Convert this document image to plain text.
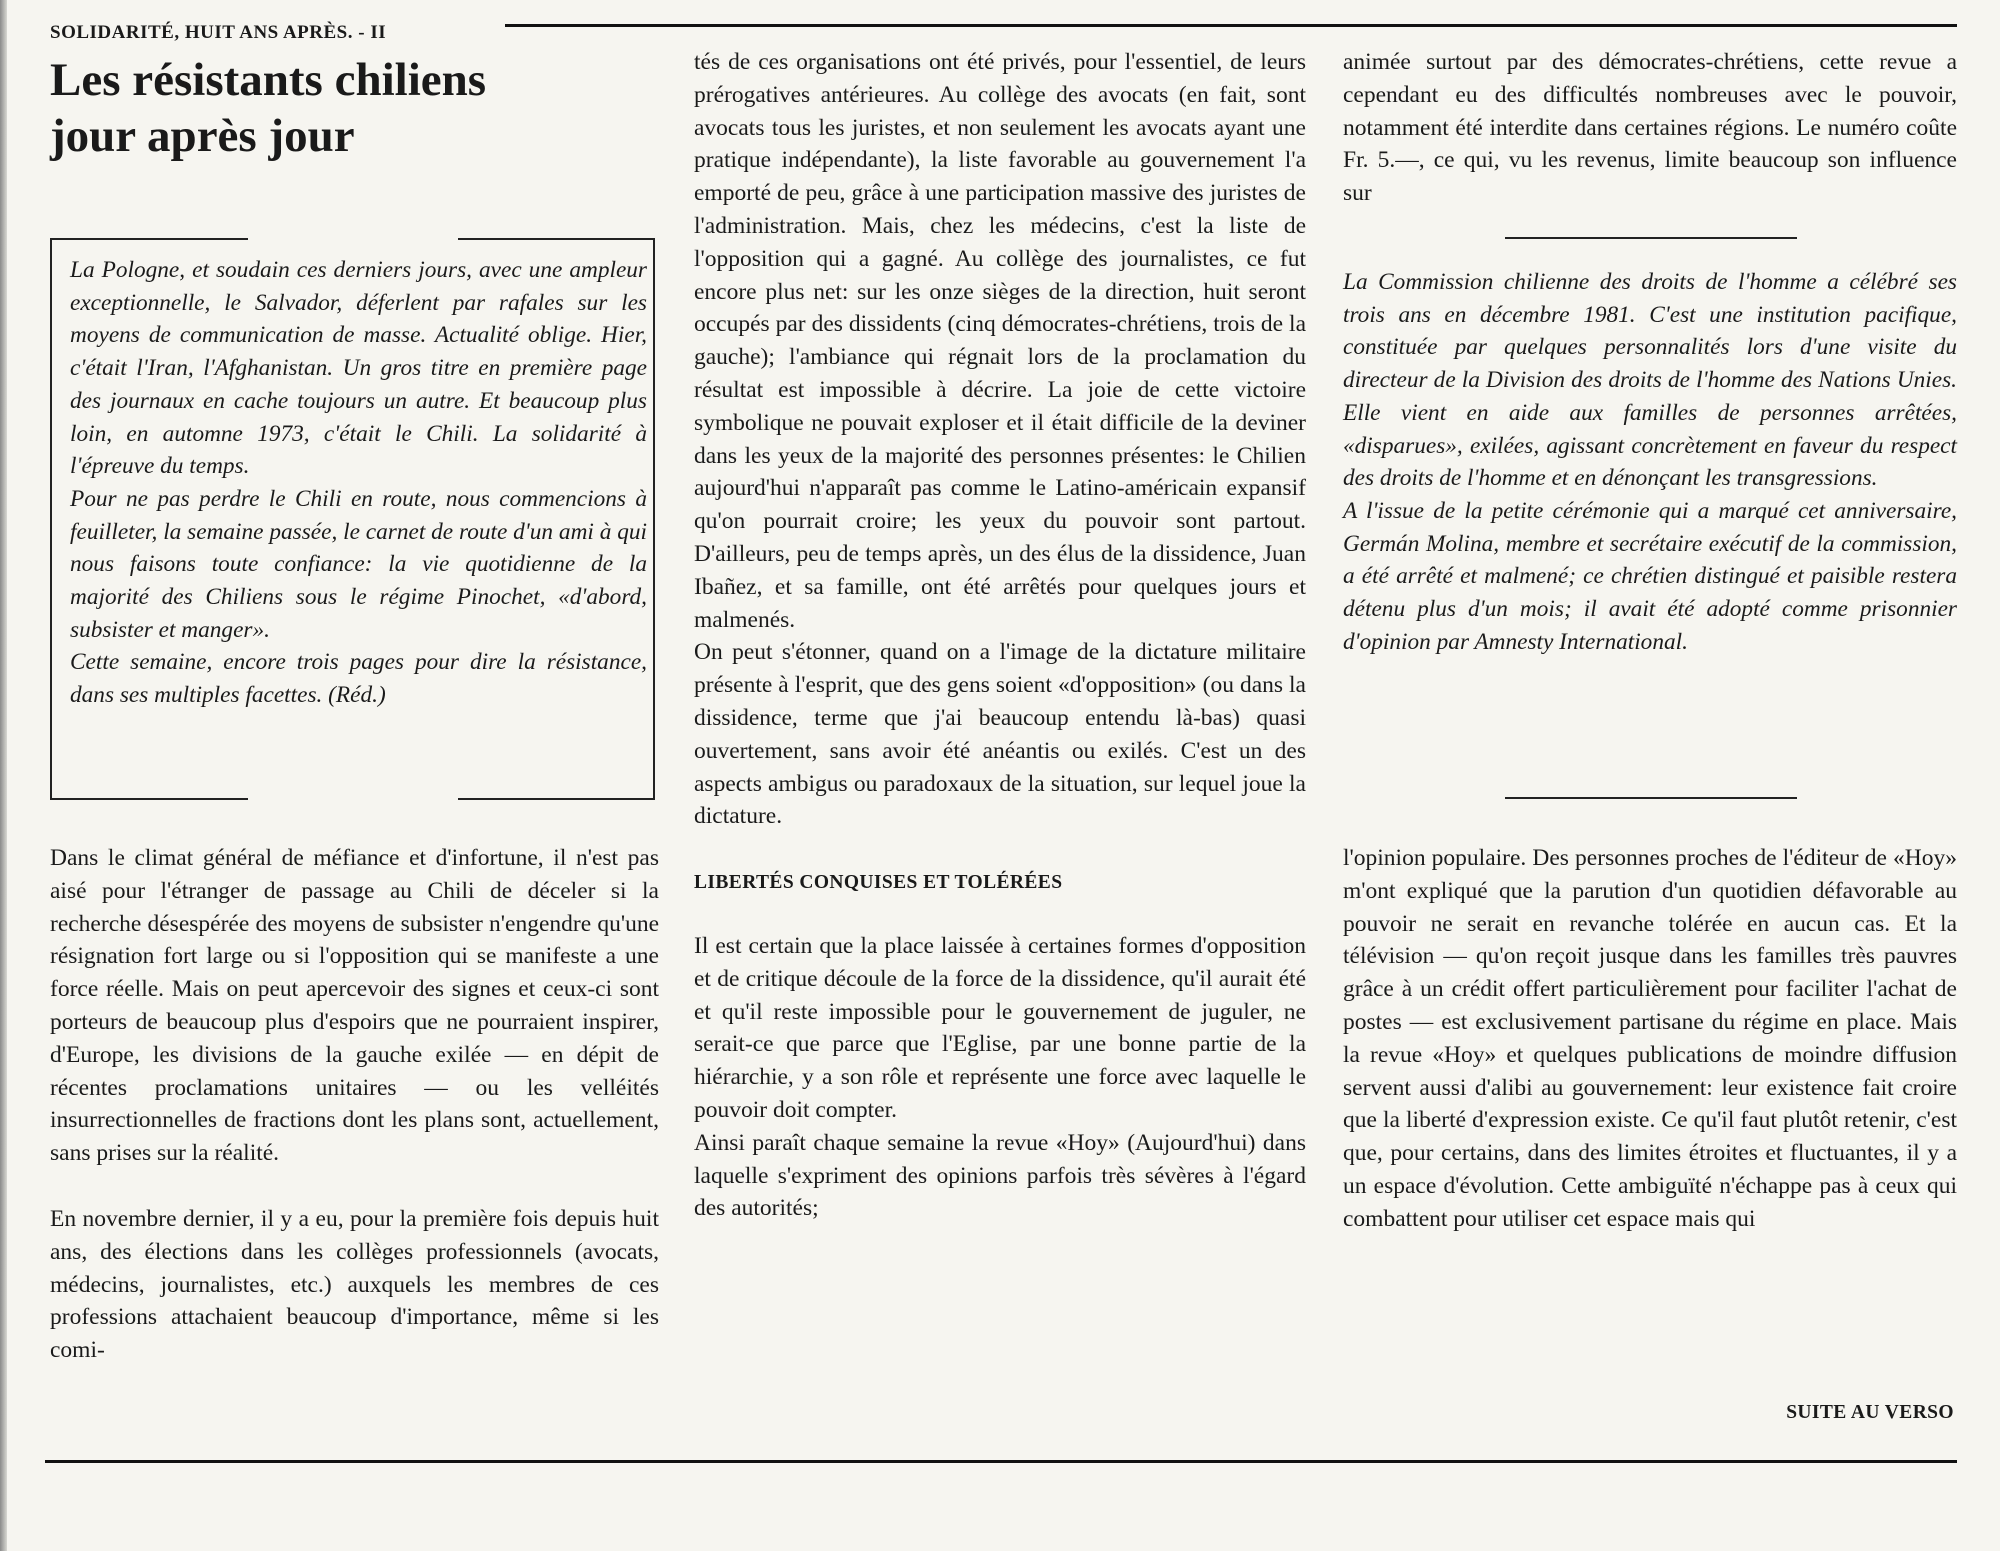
SOLIDARITÉ, HUIT ANS APRÈS. - II
Les résistants chiliens
jour après jour

La Pologne, et soudain ces derniers jours, avec une ampleur exceptionnelle, le Salvador, déferlent par rafales sur les moyens de communication de masse. Actualité oblige. Hier, c'était l'Iran, l'Afghanistan. Un gros titre en première page des journaux en cache toujours un autre. Et beaucoup plus loin, en automne 1973, c'était le Chili. La solidarité à l'épreuve du temps.

Pour ne pas perdre le Chili en route, nous commencions à feuilleter, la semaine passée, le carnet de route d'un ami à qui nous faisons toute confiance: la vie quotidienne de la majorité des Chiliens sous le régime Pinochet, «d'abord, subsister et manger».

Cette semaine, encore trois pages pour dire la résistance, dans ses multiples facettes. (Réd.)

Dans le climat général de méfiance et d'infortune, il n'est pas aisé pour l'étranger de passage au Chili de déceler si la recherche désespérée des moyens de subsister n'engendre qu'une résignation fort large ou si l'opposition qui se manifeste a une force réelle. Mais on peut apercevoir des signes et ceux-ci sont porteurs de beaucoup plus d'espoirs que ne pourraient inspirer, d'Europe, les divisions de la gauche exilée — en dépit de récentes proclamations unitaires — ou les velléités insurrectionnelles de fractions dont les plans sont, actuellement, sans prises sur la réalité.

En novembre dernier, il y a eu, pour la première fois depuis huit ans, des élections dans les collèges professionnels (avocats, médecins, journalistes, etc.) auxquels les membres de ces professions attachaient beaucoup d'importance, même si les comi-

tés de ces organisations ont été privés, pour l'essentiel, de leurs prérogatives antérieures. Au collège des avocats (en fait, sont avocats tous les juristes, et non seulement les avocats ayant une pratique indépendante), la liste favorable au gouvernement l'a emporté de peu, grâce à une participation massive des juristes de l'administration. Mais, chez les médecins, c'est la liste de l'opposition qui a gagné. Au collège des journalistes, ce fut encore plus net: sur les onze sièges de la direction, huit seront occupés par des dissidents (cinq démocrates-chrétiens, trois de la gauche); l'ambiance qui régnait lors de la proclamation du résultat est impossible à décrire. La joie de cette victoire symbolique ne pouvait exploser et il était difficile de la deviner dans les yeux de la majorité des personnes présentes: le Chilien aujourd'hui n'apparaît pas comme le Latino-américain expansif qu'on pourrait croire; les yeux du pouvoir sont partout. D'ailleurs, peu de temps après, un des élus de la dissidence, Juan Ibañez, et sa famille, ont été arrêtés pour quelques jours et malmenés.

On peut s'étonner, quand on a l'image de la dictature militaire présente à l'esprit, que des gens soient «d'opposition» (ou dans la dissidence, terme que j'ai beaucoup entendu là-bas) quasi ouvertement, sans avoir été anéantis ou exilés. C'est un des aspects ambigus ou paradoxaux de la situation, sur lequel joue la dictature.

LIBERTÉS CONQUISES ET TOLÉRÉES

Il est certain que la place laissée à certaines formes d'opposition et de critique découle de la force de la dissidence, qu'il aurait été et qu'il reste impossible pour le gouvernement de juguler, ne serait-ce que parce que l'Eglise, par une bonne partie de la hiérarchie, y a son rôle et représente une force avec laquelle le pouvoir doit compter.

Ainsi paraît chaque semaine la revue «Hoy» (Aujourd'hui) dans laquelle s'expriment des opinions parfois très sévères à l'égard des autorités;

animée surtout par des démocrates-chrétiens, cette revue a cependant eu des difficultés nombreuses avec le pouvoir, notamment été interdite dans certaines régions. Le numéro coûte Fr. 5.—, ce qui, vu les revenus, limite beaucoup son influence sur

La Commission chilienne des droits de l'homme a célébré ses trois ans en décembre 1981. C'est une institution pacifique, constituée par quelques personnalités lors d'une visite du directeur de la Division des droits de l'homme des Nations Unies. Elle vient en aide aux familles de personnes arrêtées, «disparues», exilées, agissant concrètement en faveur du respect des droits de l'homme et en dénonçant les transgressions.

A l'issue de la petite cérémonie qui a marqué cet anniversaire, Germán Molina, membre et secrétaire exécutif de la commission, a été arrêté et malmené; ce chrétien distingué et paisible restera détenu plus d'un mois; il avait été adopté comme prisonnier d'opinion par Amnesty International.

l'opinion populaire. Des personnes proches de l'éditeur de «Hoy» m'ont expliqué que la parution d'un quotidien défavorable au pouvoir ne serait en revanche tolérée en aucun cas. Et la télévision — qu'on reçoit jusque dans les familles très pauvres grâce à un crédit offert particulièrement pour faciliter l'achat de postes — est exclusivement partisane du régime en place. Mais la revue «Hoy» et quelques publications de moindre diffusion servent aussi d'alibi au gouvernement: leur existence fait croire que la liberté d'expression existe. Ce qu'il faut plutôt retenir, c'est que, pour certains, dans des limites étroites et fluctuantes, il y a un espace d'évolution. Cette ambiguïté n'échappe pas à ceux qui combattent pour utiliser cet espace mais qui

SUITE AU VERSO
